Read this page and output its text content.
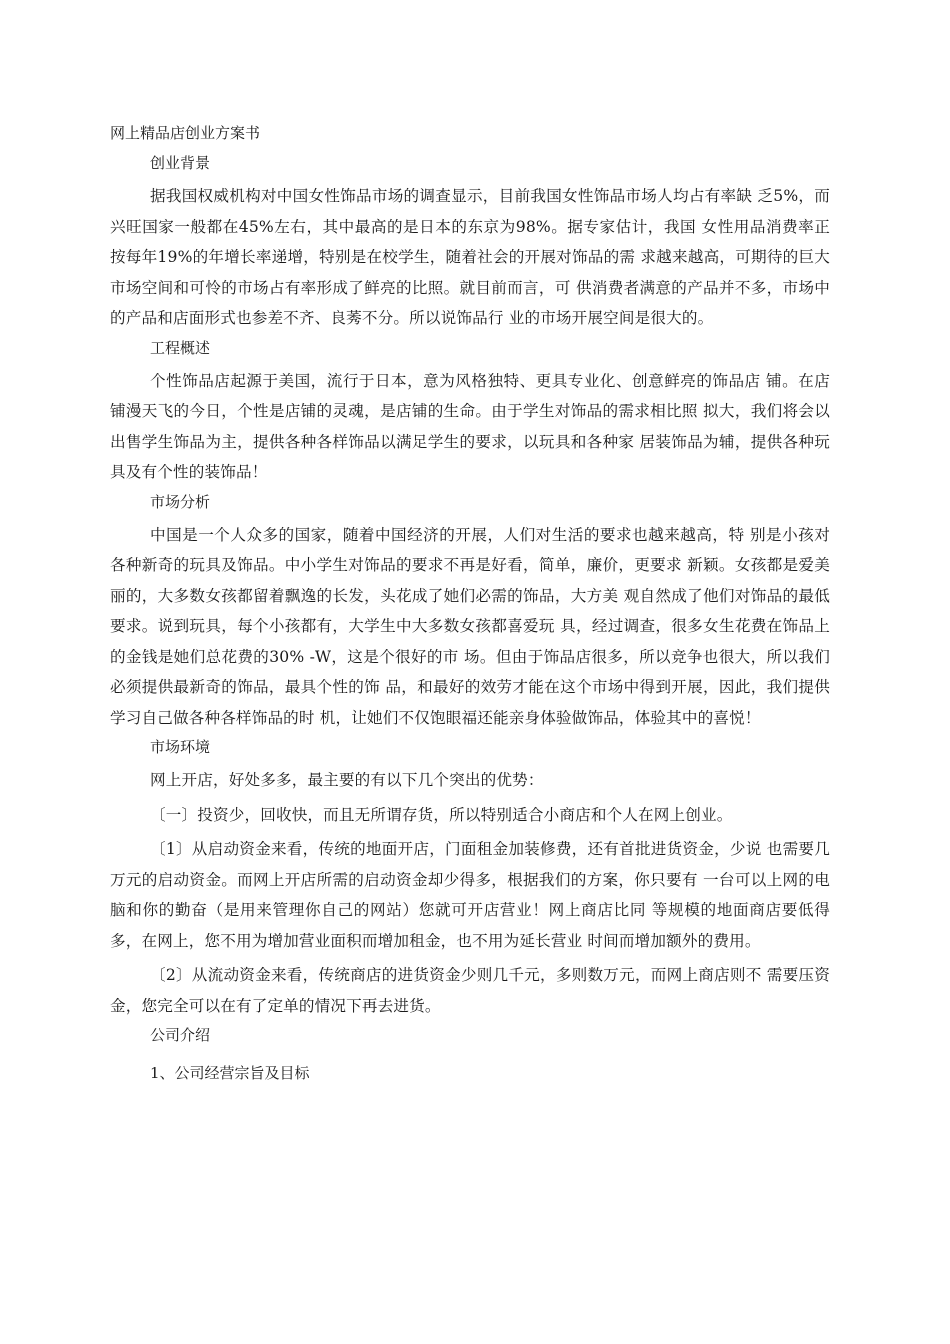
网上精品店创业方案书
创业背景

据我国权威机构对中国女性饰品市场的调查显示，目前我国女性饰品市场人均占有率缺 乏5%，而兴旺国家一般都在45%左右，其中最高的是日本的东京为98%。据专家估计，我国 女性用品消费率正按每年19%的年增长率递增，特别是在校学生，随着社会的开展对饰品的需 求越来越高，可期待的巨大市场空间和可怜的市场占有率形成了鲜亮的比照。就目前而言，可 供消费者满意的产品并不多，市场中的产品和店面形式也参差不齐、良莠不分。所以说饰品行 业的市场开展空间是很大的。

工程概述

个性饰品店起源于美国，流行于日本，意为风格独特、更具专业化、创意鲜亮的饰品店 铺。在店铺漫天飞的今日，个性是店铺的灵魂，是店铺的生命。由于学生对饰品的需求相比照 拟大，我们将会以出售学生饰品为主，提供各种各样饰品以满足学生的要求，以玩具和各种家 居装饰品为辅，提供各种玩具及有个性的装饰品！

市场分析

中国是一个人众多的国家，随着中国经济的开展，人们对生活的要求也越来越高，特 别是小孩对各种新奇的玩具及饰品。中小学生对饰品的要求不再是好看，简单，廉价，更要求 新颖。女孩都是爱美丽的，大多数女孩都留着飘逸的长发，头花成了她们必需的饰品，大方美 观自然成了他们对饰品的最低要求。说到玩具，每个小孩都有，大学生中大多数女孩都喜爱玩 具，经过调查，很多女生花费在饰品上的金钱是她们总花费的30% -W，这是个很好的市 场。但由于饰品店很多，所以竞争也很大，所以我们必须提供最新奇的饰品，最具个性的饰 品，和最好的效劳才能在这个市场中得到开展，因此，我们提供学习自己做各种各样饰品的时 机，让她们不仅饱眼福还能亲身体验做饰品，体验其中的喜悦！

市场环境

网上开店，好处多多，最主要的有以下几个突出的优势：

〔一〕投资少，回收快，而且无所谓存货，所以特别适合小商店和个人在网上创业。

〔1〕从启动资金来看，传统的地面开店，门面租金加装修费，还有首批进货资金，少说 也需要几万元的启动资金。而网上开店所需的启动资金却少得多，根据我们的方案，你只要有 一台可以上网的电脑和你的勤奋（是用来管理你自己的网站）您就可开店营业！网上商店比同 等规模的地面商店要低得多，在网上，您不用为增加营业面积而增加租金，也不用为延长营业 时间而增加额外的费用。

〔2〕从流动资金来看，传统商店的进货资金少则几千元，多则数万元，而网上商店则不 需要压资金，您完全可以在有了定单的情况下再去进货。

公司介绍
1、公司经营宗旨及目标
